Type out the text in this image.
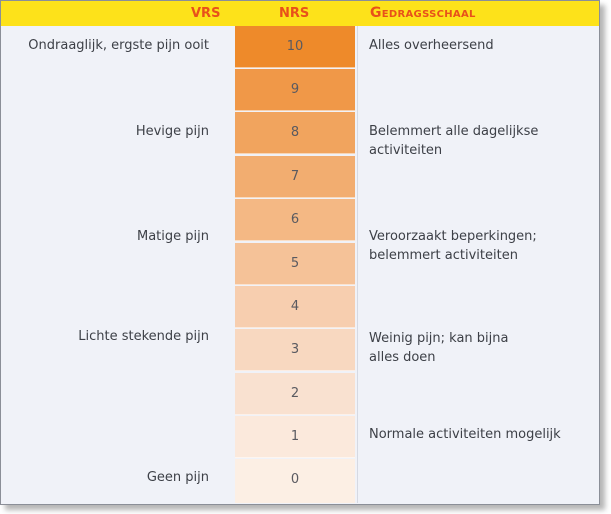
VRS	NRS	Gedragsschaal
10
9
8
7
6
5
4
3
2
1
0
Ondraaglijk, ergste pijn ooit
Hevige pijn
Matige pijn
Lichte stekende pijn
Geen pijn
Alles overheersend
Belemmert alle dagelijkse
activiteiten
Veroorzaakt beperkingen;
belemmert activiteiten
Weinig pijn; kan bijna
alles doen
Normale activiteiten mogelijk
